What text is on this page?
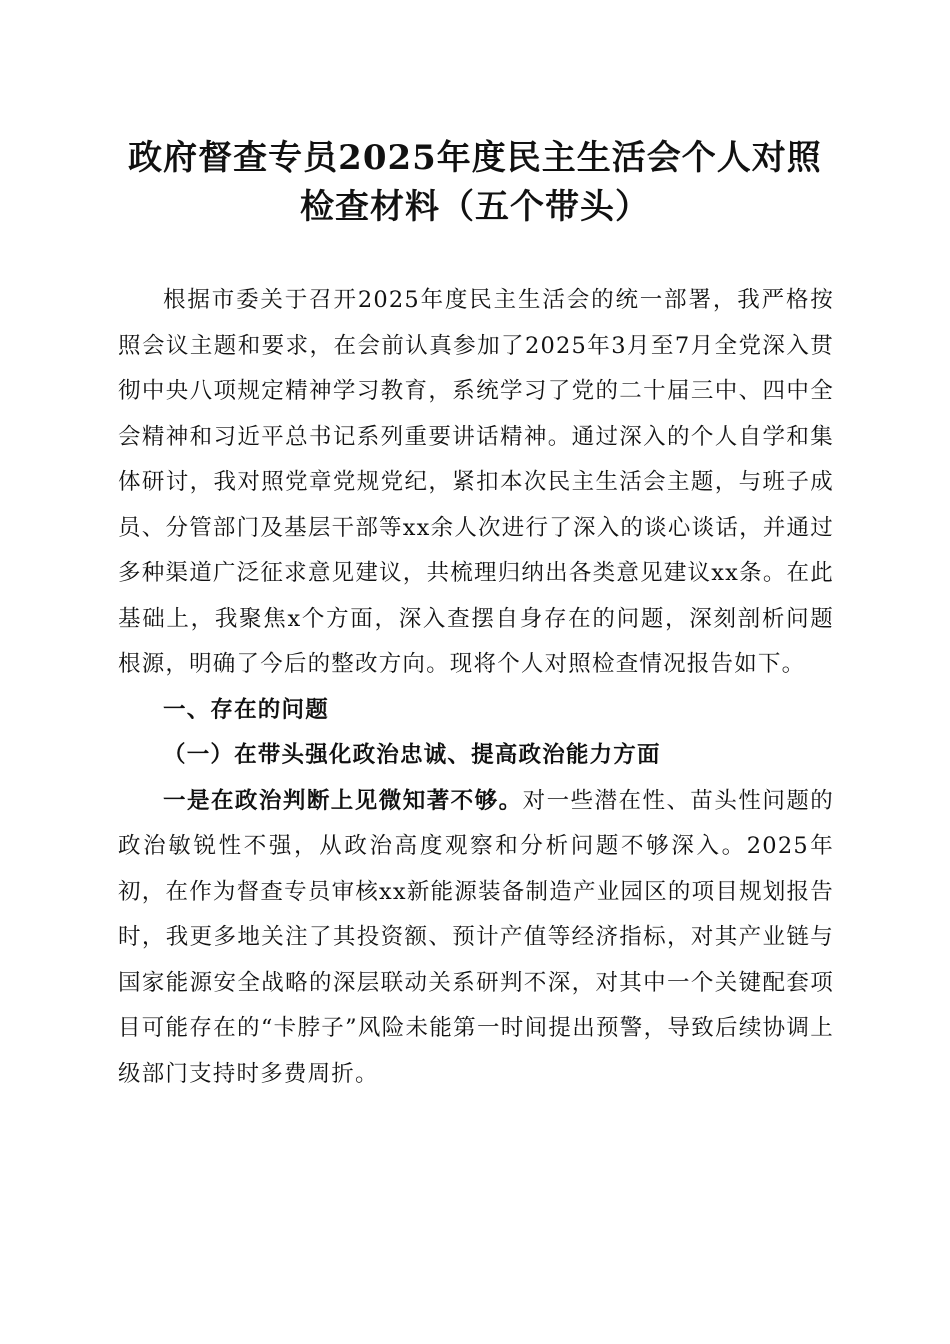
政府督查专员2025年度民主生活会个人对照
检查材料（五个带头）

根据市委关于召开2025年度民主生活会的统一部署，我严格按照会议主题和要求，在会前认真参加了2025年3月至7月全党深入贯彻中央八项规定精神学习教育，系统学习了党的二十届三中、四中全会精神和习近平总书记系列重要讲话精神。通过深入的个人自学和集体研讨，我对照党章党规党纪，紧扣本次民主生活会主题，与班子成员、分管部门及基层干部等xx余人次进行了深入的谈心谈话，并通过多种渠道广泛征求意见建议，共梳理归纳出各类意见建议xx条。在此基础上，我聚焦x个方面，深入查摆自身存在的问题，深刻剖析问题根源，明确了今后的整改方向。现将个人对照检查情况报告如下。

一、存在的问题

（一）在带头强化政治忠诚、提高政治能力方面

一是在政治判断上见微知著不够。对一些潜在性、苗头性问题的政治敏锐性不强，从政治高度观察和分析问题不够深入。2025年初，在作为督查专员审核xx新能源装备制造产业园区的项目规划报告时，我更多地关注了其投资额、预计产值等经济指标，对其产业链与国家能源安全战略的深层联动关系研判不深，对其中一个关键配套项目可能存在的“卡脖子”风险未能第一时间提出预警，导致后续协调上级部门支持时多费周折。
